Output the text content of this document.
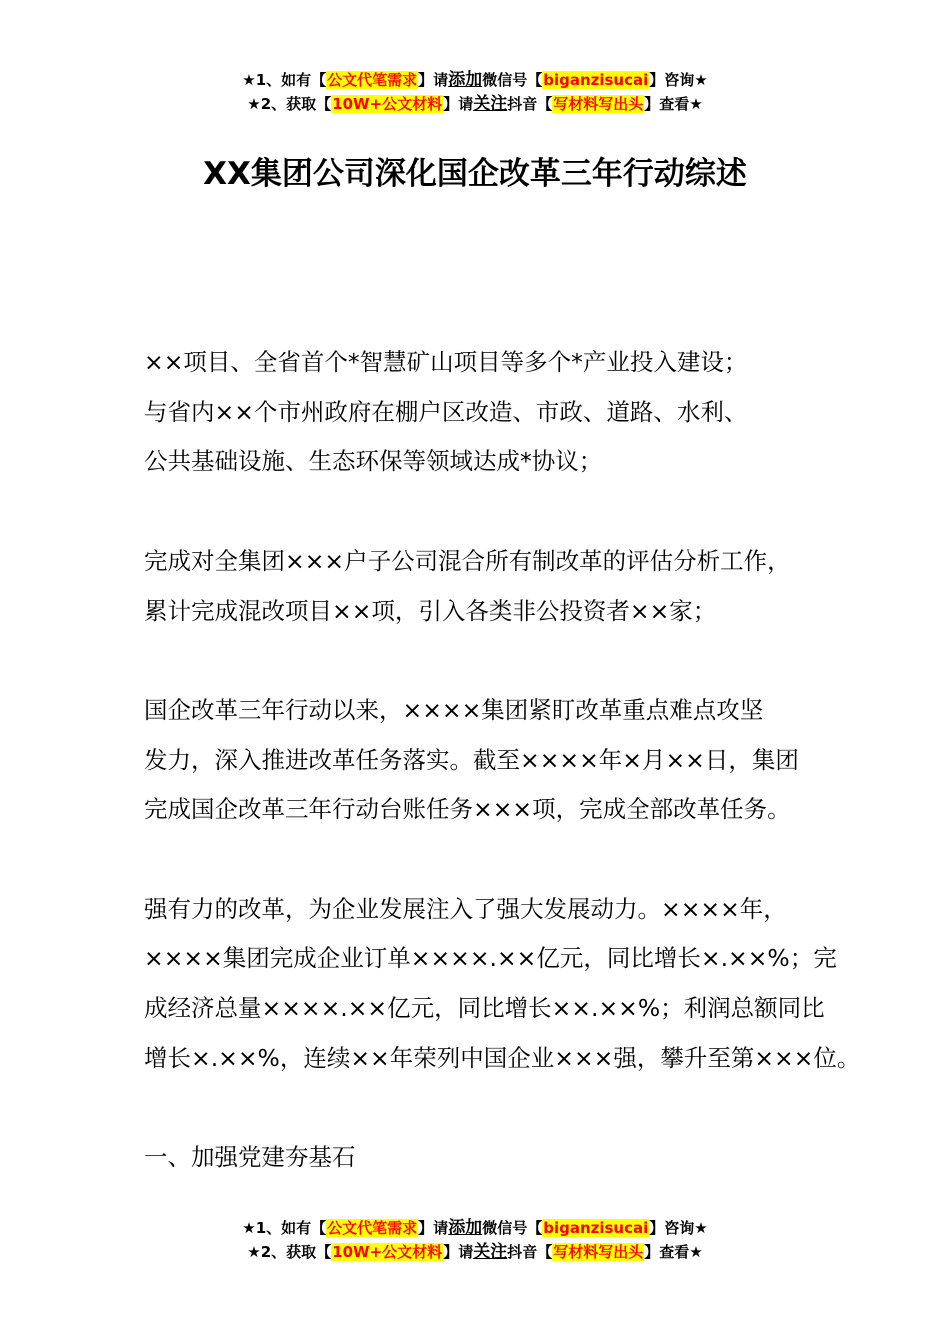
★1、如有【公文代笔需求】请添加微信号【biganzisucai】咨询★
★2、获取【10W+公文材料】请关注抖音【写材料写出头】查看★
XX集团公司深化国企改革三年行动综述

××项目、全省首个*智慧矿山项目等多个*产业投入建设；
与省内××个市州政府在棚户区改造、市政、道路、水利、
公共基础设施、生态环保等领域达成*协议；

完成对全集团×××户子公司混合所有制改革的评估分析工作，
累计完成混改项目××项，引入各类非公投资者××家；

国企改革三年行动以来，××××集团紧盯改革重点难点攻坚
发力，深入推进改革任务落实。截至××××年×月××日，集团
完成国企改革三年行动台账任务×××项，完成全部改革任务。

强有力的改革，为企业发展注入了强大发展动力。××××年，
××××集团完成企业订单××××.××亿元，同比增长×.××%；完
成经济总量××××.××亿元，同比增长××.××%；利润总额同比
增长×.××%，连续××年荣列中国企业×××强，攀升至第×××位。

一、加强党建夯基石

★1、如有【公文代笔需求】请添加微信号【biganzisucai】咨询★
★2、获取【10W+公文材料】请关注抖音【写材料写出头】查看★
